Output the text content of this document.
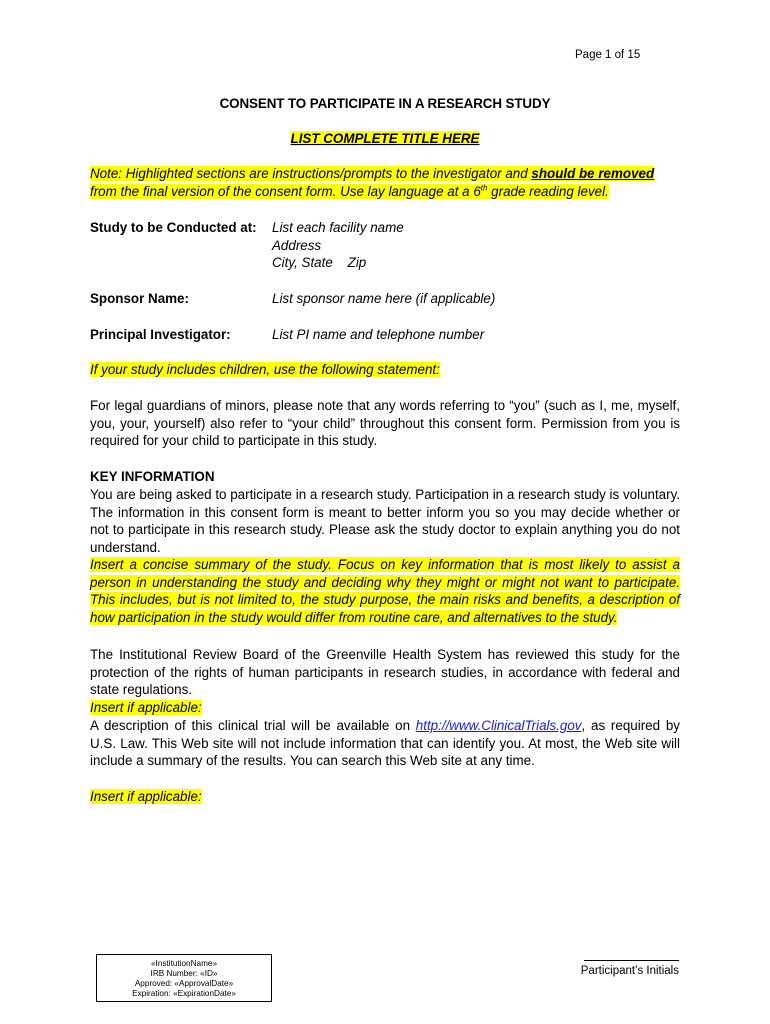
Page 1 of 15
CONSENT TO PARTICIPATE IN A RESEARCH STUDY
LIST COMPLETE TITLE HERE
Note: Highlighted sections are instructions/prompts to the investigator and should be removed from the final version of the consent form. Use lay language at a 6th grade reading level.
Study to be Conducted at: List each facility name
Address
City, State    Zip
Sponsor Name:	List sponsor name here (if applicable)
Principal Investigator:	List PI name and telephone number
If your study includes children, use the following statement:
For legal guardians of minors, please note that any words referring to “you” (such as I, me, myself, you, your, yourself) also refer to “your child” throughout this consent form. Permission from you is required for your child to participate in this study.
KEY INFORMATION
You are being asked to participate in a research study. Participation in a research study is voluntary. The information in this consent form is meant to better inform you so you may decide whether or not to participate in this research study. Please ask the study doctor to explain anything you do not understand.
Insert a concise summary of the study. Focus on key information that is most likely to assist a person in understanding the study and deciding why they might or might not want to participate. This includes, but is not limited to, the study purpose, the main risks and benefits, a description of how participation in the study would differ from routine care, and alternatives to the study.
The Institutional Review Board of the Greenville Health System has reviewed this study for the protection of the rights of human participants in research studies, in accordance with federal and state regulations.
Insert if applicable:
A description of this clinical trial will be available on http://www.ClinicalTrials.gov, as required by U.S. Law. This Web site will not include information that can identify you. At most, the Web site will include a summary of the results. You can search this Web site at any time.
Insert if applicable:
«InstitutionName»
IRB Number: «ID»
Approved: «ApprovalDate»
Expiration: «ExpirationDate»
Participant’s Initials
